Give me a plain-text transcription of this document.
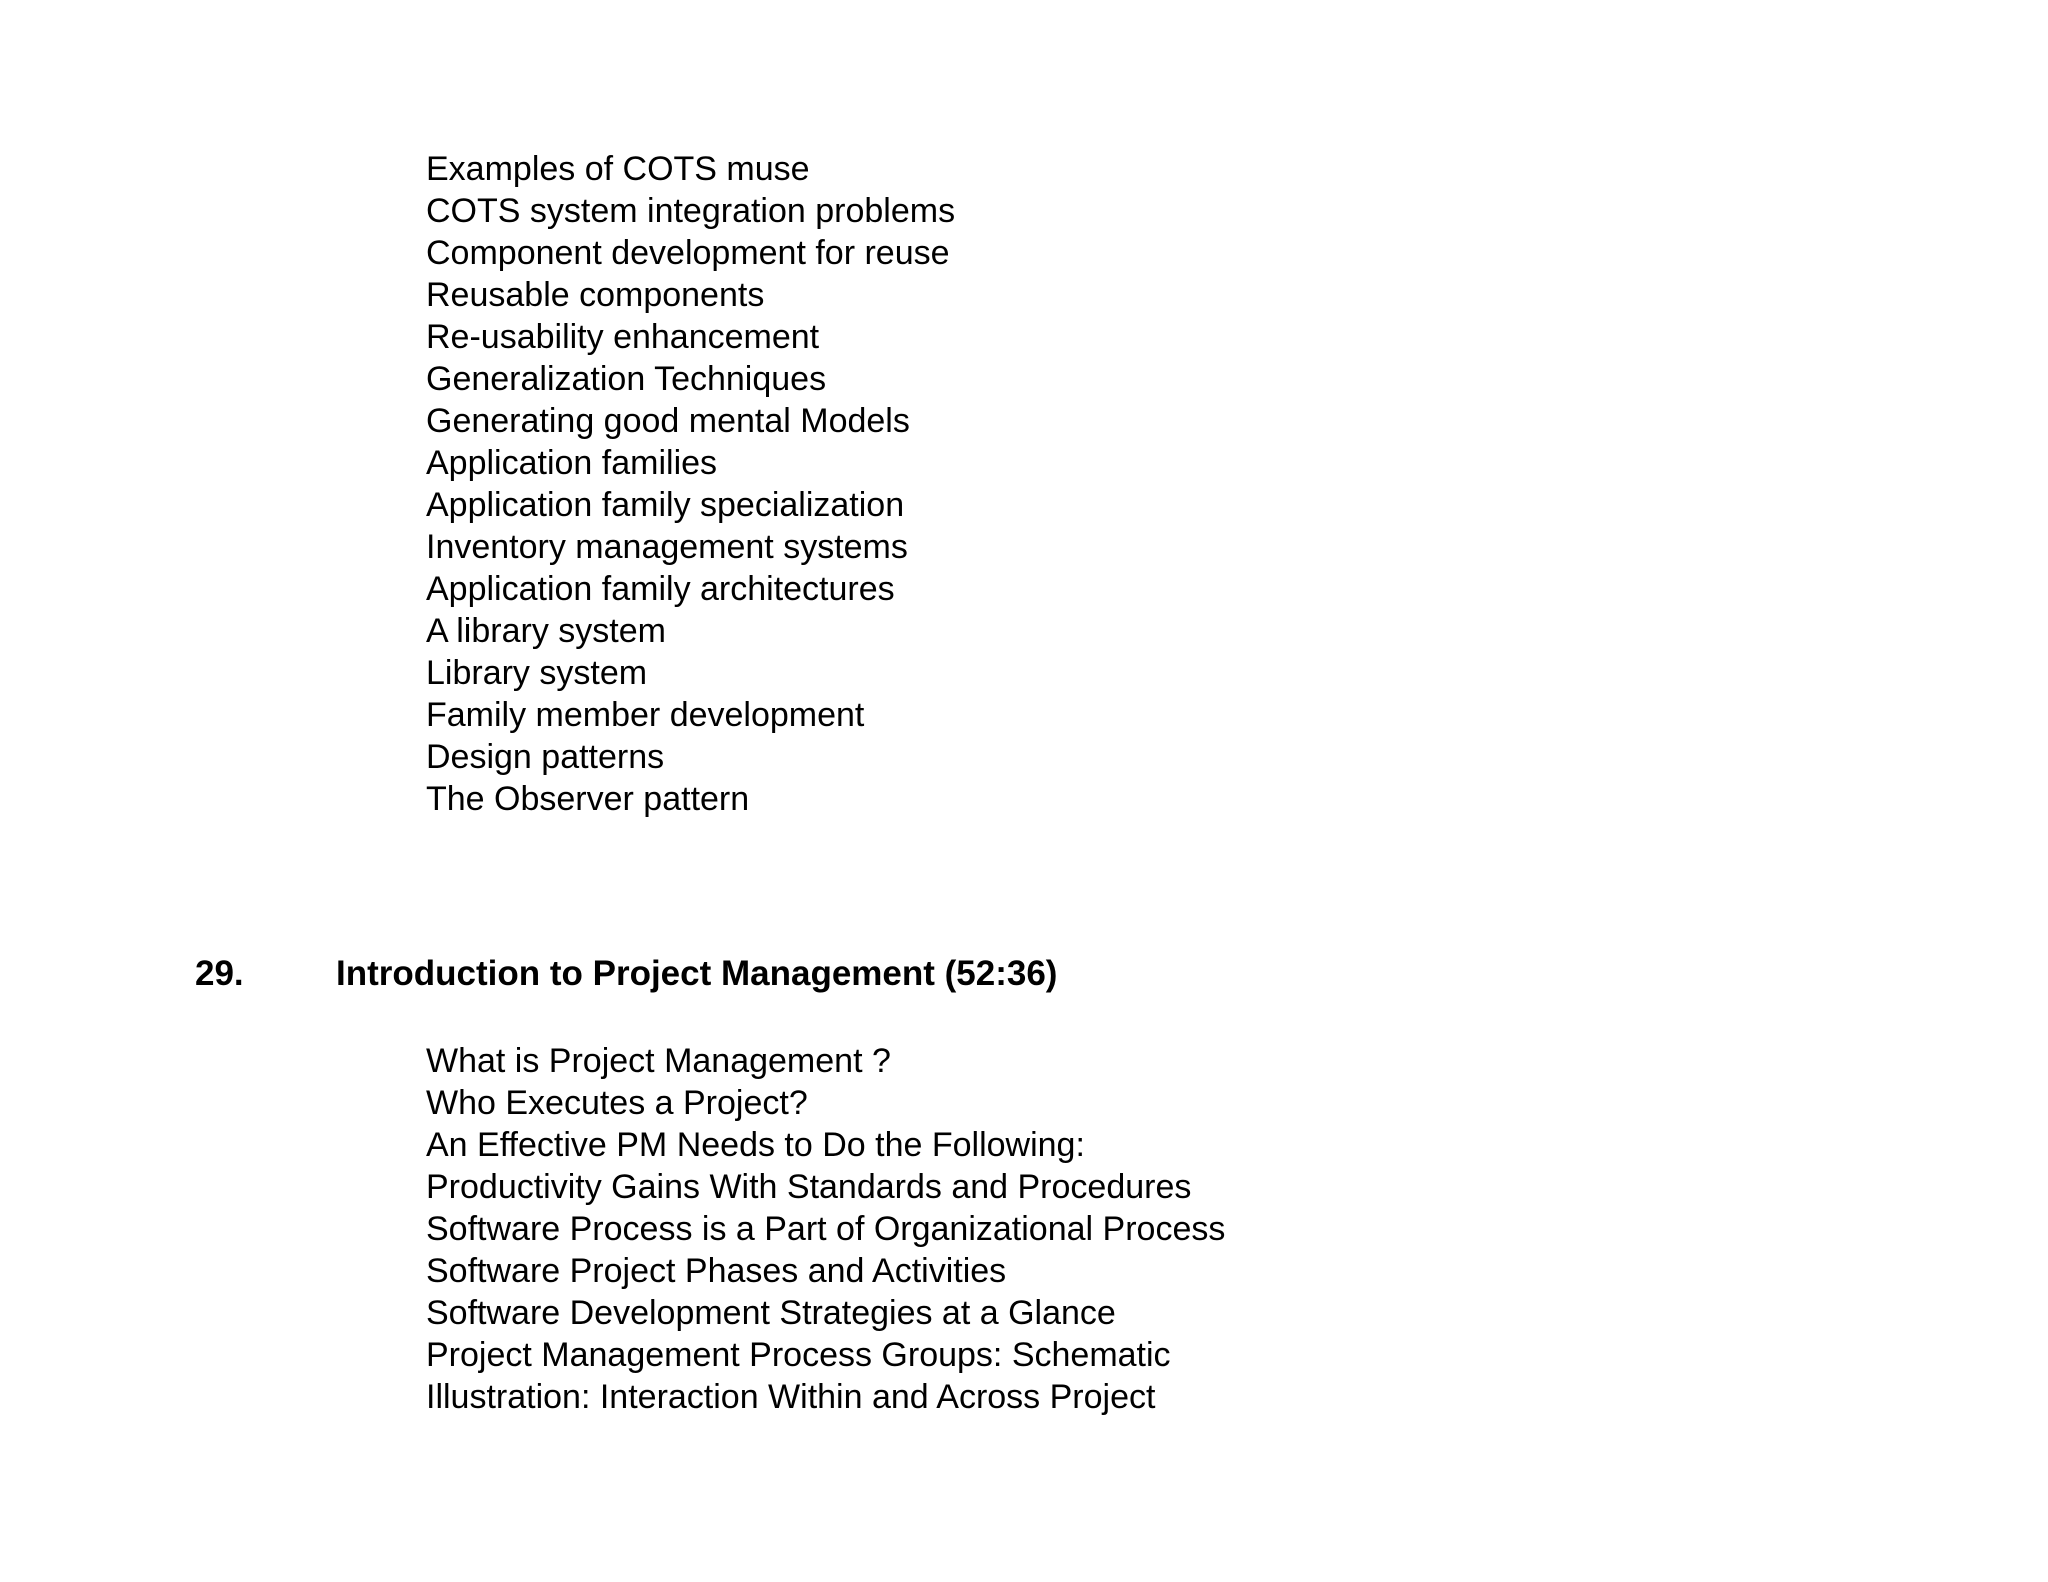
Examples of COTS muse
COTS system integration problems
Component development for reuse
Reusable components
Re-usability enhancement
Generalization Techniques
Generating good mental Models
Application families
Application family specialization
Inventory management systems
Application family architectures
A library system
Library system
Family member development
Design patterns
The Observer pattern
29.	Introduction to Project Management (52:36)
What is Project Management ?
Who Executes a Project?
An Effective PM Needs to Do the Following:
Productivity Gains With Standards and Procedures
Software Process is a Part of Organizational Process
Software Project Phases and Activities
Software Development Strategies at a Glance
Project Management Process Groups: Schematic
Illustration: Interaction Within and Across Project
